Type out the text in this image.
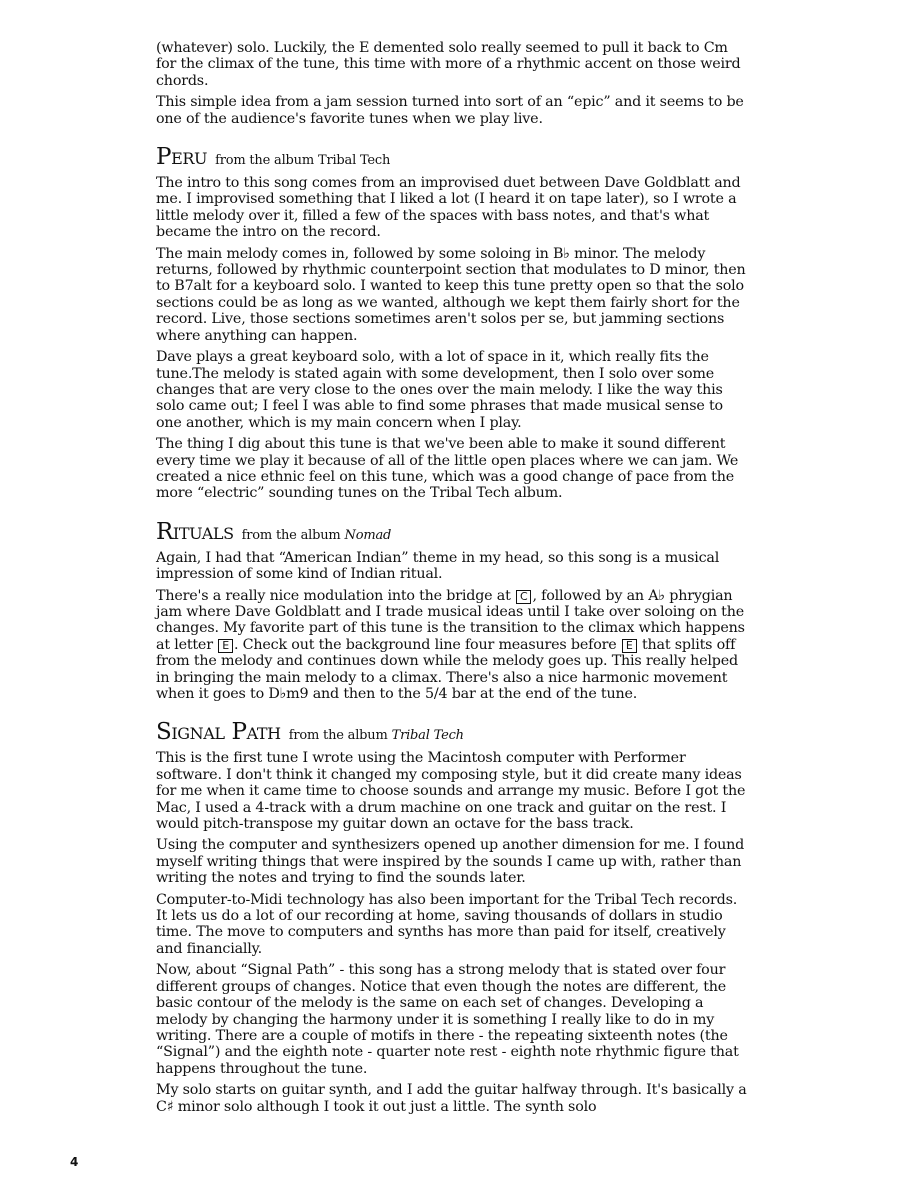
(whatever) solo. Luckily, the E demented solo really seemed to pull it back to Cm for the climax of the tune, this time with more of a rhythmic accent on those weird chords.

This simple idea from a jam session turned into sort of an “epic” and it seems to be one of the audience's favorite tunes when we play live.

Peru from the album Tribal Tech

The intro to this song comes from an improvised duet between Dave Goldblatt and me. I improvised something that I liked a lot (I heard it on tape later), so I wrote a little melody over it, filled a few of the spaces with bass notes, and that's what became the intro on the record.

The main melody comes in, followed by some soloing in B♭ minor. The melody returns, followed by rhythmic counterpoint section that modulates to D minor, then to B7alt for a keyboard solo. I wanted to keep this tune pretty open so that the solo sections could be as long as we wanted, although we kept them fairly short for the record. Live, those sections sometimes aren't solos per se, but jamming sections where anything can happen.

Dave plays a great keyboard solo, with a lot of space in it, which really fits the tune.The melody is stated again with some development, then I solo over some changes that are very close to the ones over the main melody. I like the way this solo came out; I feel I was able to find some phrases that made musical sense to one another, which is my main concern when I play.

The thing I dig about this tune is that we've been able to make it sound different every time we play it because of all of the little open places where we can jam. We created a nice ethnic feel on this tune, which was a good change of pace from the more “electric” sounding tunes on the Tribal Tech album.

Rituals from the album Nomad

Again, I had that “American Indian” theme in my head, so this song is a musical impression of some kind of Indian ritual.

There's a really nice modulation into the bridge at C , followed by an A♭ phrygian jam where Dave Goldblatt and I trade musical ideas until I take over soloing on the changes. My favorite part of this tune is the transition to the climax which happens at letter E . Check out the background line four measures before E that splits off from the melody and continues down while the melody goes up. This really helped in bringing the main melody to a climax. There's also a nice harmonic movement when it goes to D♭m9 and then to the 5/4 bar at the end of the tune.

Signal Path from the album Tribal Tech

This is the first tune I wrote using the Macintosh computer with Performer software. I don't think it changed my composing style, but it did create many ideas for me when it came time to choose sounds and arrange my music. Before I got the Mac, I used a 4-track with a drum machine on one track and guitar on the rest. I would pitch-transpose my guitar down an octave for the bass track.

Using the computer and synthesizers opened up another dimension for me. I found myself writing things that were inspired by the sounds I came up with, rather than writing the notes and trying to find the sounds later.

Computer-to-Midi technology has also been important for the Tribal Tech records. It lets us do a lot of our recording at home, saving thousands of dollars in studio time. The move to computers and synths has more than paid for itself, creatively and financially.

Now, about “Signal Path” - this song has a strong melody that is stated over four different groups of changes. Notice that even though the notes are different, the basic contour of the melody is the same on each set of changes. Developing a melody by changing the harmony under it is something I really like to do in my writing. There are a couple of motifs in there - the repeating sixteenth notes (the “Signal”) and the eighth note - quarter note rest - eighth note rhythmic figure that happens throughout the tune.

My solo starts on guitar synth, and I add the guitar halfway through. It's basically a C♯ minor solo although I took it out just a little. The synth solo

4
